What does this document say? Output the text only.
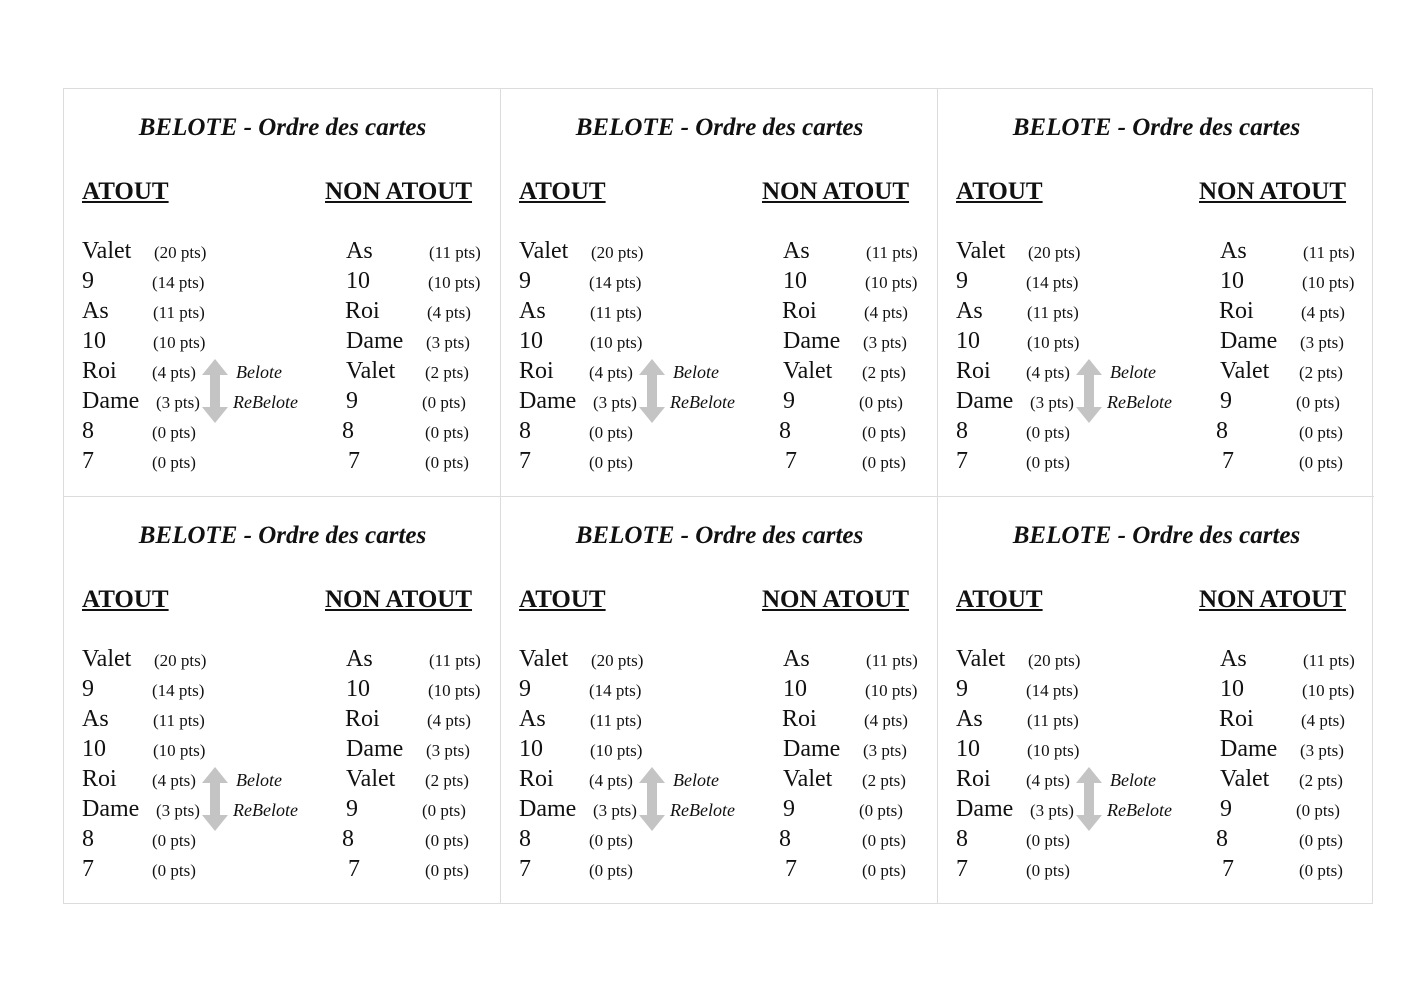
BELOTE - Ordre des cartes
ATOUT	NON ATOUT
Valet (20 pts)	As	(11 pts)
9	(14 pts)	10	(10 pts)
As	(11 pts)	Roi	(4 pts)
10	(10 pts)	Dame (3 pts)
Roi (4 pts)	Valet (2 pts)
Dame (3 pts)	9	(0 pts)
8	(0 pts)	8	(0 pts)
7	(0 pts)	7	(0 pts)
Belote
ReBelote
BELOTE - Ordre des cartes
ATOUT	NON ATOUT
Valet (20 pts)	As	(11 pts)
9	(14 pts)	10	(10 pts)
As	(11 pts)	Roi	(4 pts)
10	(10 pts)	Dame (3 pts)
Roi (4 pts)	Valet (2 pts)
Dame (3 pts)	9	(0 pts)
8	(0 pts)	8	(0 pts)
7	(0 pts)	7	(0 pts)
Belote
ReBelote
BELOTE - Ordre des cartes
ATOUT	NON ATOUT
Valet (20 pts)	As	(11 pts)
9	(14 pts)	10	(10 pts)
As	(11 pts)	Roi	(4 pts)
10	(10 pts)	Dame (3 pts)
Roi (4 pts)	Valet (2 pts)
Dame (3 pts)	9	(0 pts)
8	(0 pts)	8	(0 pts)
7	(0 pts)	7	(0 pts)
Belote
ReBelote
BELOTE - Ordre des cartes
ATOUT	NON ATOUT
Valet (20 pts)	As	(11 pts)
9	(14 pts)	10	(10 pts)
As	(11 pts)	Roi	(4 pts)
10	(10 pts)	Dame (3 pts)
Roi (4 pts)	Valet (2 pts)
Dame (3 pts)	9	(0 pts)
8	(0 pts)	8	(0 pts)
7	(0 pts)	7	(0 pts)
Belote
ReBelote
BELOTE - Ordre des cartes
ATOUT	NON ATOUT
Valet (20 pts)	As	(11 pts)
9	(14 pts)	10	(10 pts)
As	(11 pts)	Roi	(4 pts)
10	(10 pts)	Dame (3 pts)
Roi (4 pts)	Valet (2 pts)
Dame (3 pts)	9	(0 pts)
8	(0 pts)	8	(0 pts)
7	(0 pts)	7	(0 pts)
Belote
ReBelote
BELOTE - Ordre des cartes
ATOUT	NON ATOUT
Valet (20 pts)	As	(11 pts)
9	(14 pts)	10	(10 pts)
As	(11 pts)	Roi	(4 pts)
10	(10 pts)	Dame (3 pts)
Roi (4 pts)	Valet (2 pts)
Dame (3 pts)	9	(0 pts)
8	(0 pts)	8	(0 pts)
7	(0 pts)	7	(0 pts)
Belote
ReBelote
